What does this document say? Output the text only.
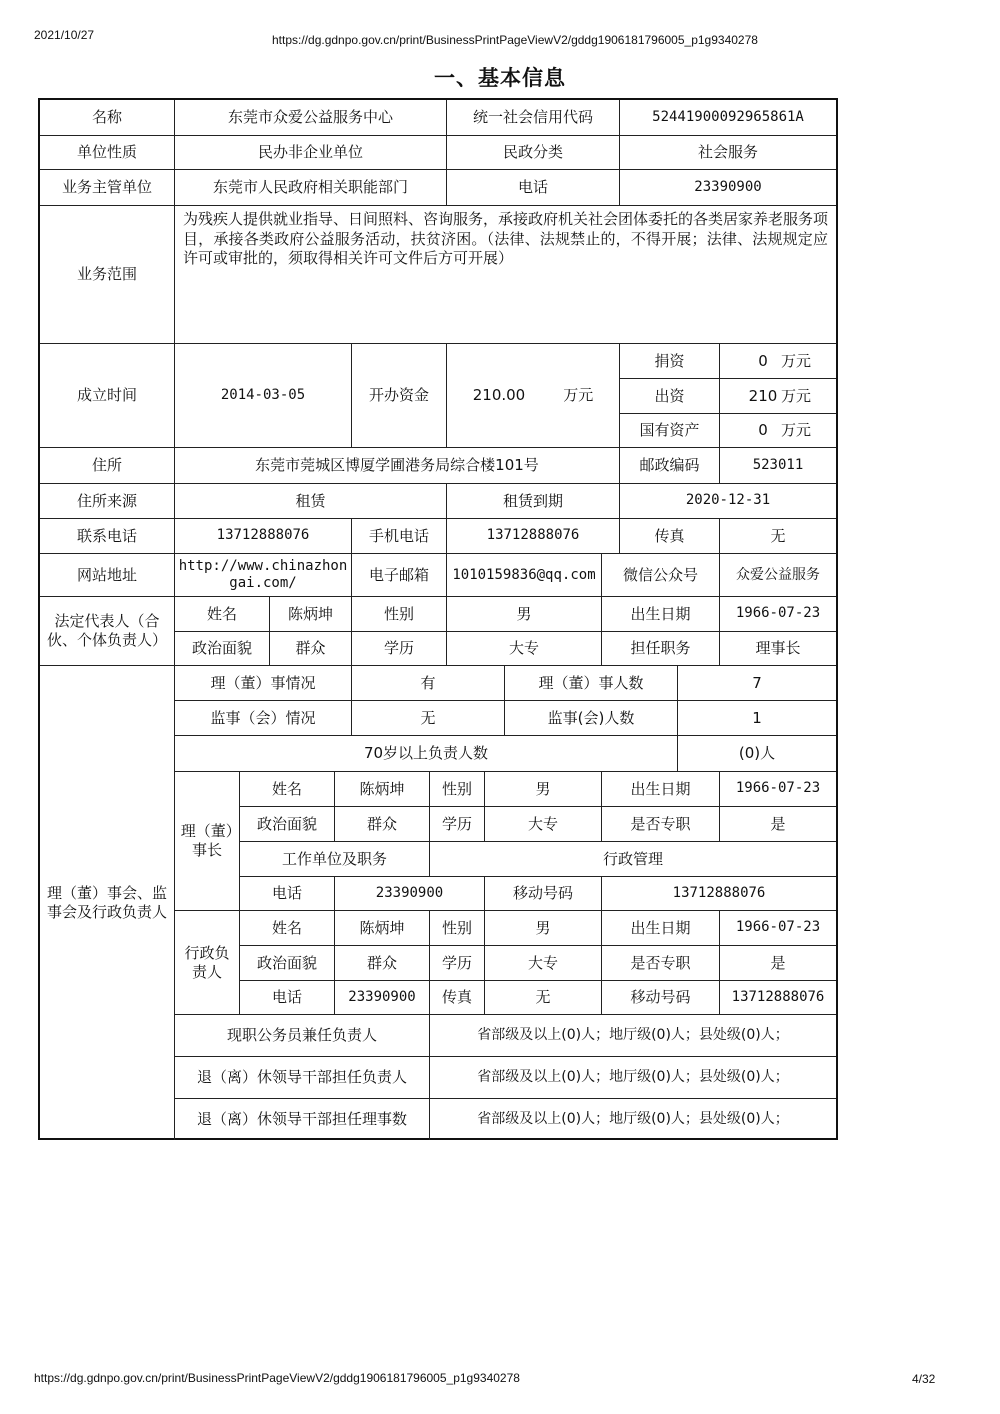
2021/10/27	https://dg.gdnpo.gov.cn/print/BusinessPrintPageViewV2/gddg1906181796005_p1g9340278
一、基本信息
名称	东莞市众爱公益服务中心	统一社会信用代码	52441900092965861A
单位性质	民办非企业单位	民政分类	社会服务
业务主管单位	东莞市人民政府相关职能部门	电话	23390900
业务范围
为残疾人提供就业指导、日间照料、咨询服务，承接政府机关社会团体委托的各类居家养老服务项目，承接各类政府公益服务活动，扶贫济困。（法律、法规禁止的，不得开展；法律、法规规定应许可或审批的，须取得相关许可文件后方可开展）
成立时间	2014-03-05	开办资金	210.00	万元
捐资	0 万元
出资	210 万元
国有资产	0 万元
住所	东莞市莞城区博厦学圃港务局综合楼101号	邮政编码	523011
住所来源	租赁	租赁到期	2020-12-31
联系电话	13712888076	手机电话	13712888076	传真	无
网站地址	http://www.chinazhongai.com/	电子邮箱	1010159836@qq.com	微信公众号	众爱公益服务
法定代表人（合伙、个体负责人）
姓名	陈炳坤	性别	男	出生日期	1966-07-23
政治面貌	群众	学历	大专	担任职务	理事长
理（董）事会、监事会及行政负责人
理（董）事情况	有	理（董）事人数	7
监事（会）情况	无	监事(会)人数	1
70岁以上负责人数	(0)人
理（董）事长
姓名	陈炳坤	性别	男	出生日期	1966-07-23
政治面貌	群众	学历	大专	是否专职	是
工作单位及职务	行政管理
电话	23390900	移动号码	13712888076
行政负责人
姓名	陈炳坤	性别	男	出生日期	1966-07-23
政治面貌	群众	学历	大专	是否专职	是
电话	23390900	传真	无	移动号码	13712888076
现职公务员兼任负责人	省部级及以上(0)人；地厅级(0)人；县处级(0)人；
退（离）休领导干部担任负责人	省部级及以上(0)人；地厅级(0)人；县处级(0)人；
退（离）休领导干部担任理事数	省部级及以上(0)人；地厅级(0)人；县处级(0)人；
https://dg.gdnpo.gov.cn/print/BusinessPrintPageViewV2/gddg1906181796005_p1g9340278	4/32
